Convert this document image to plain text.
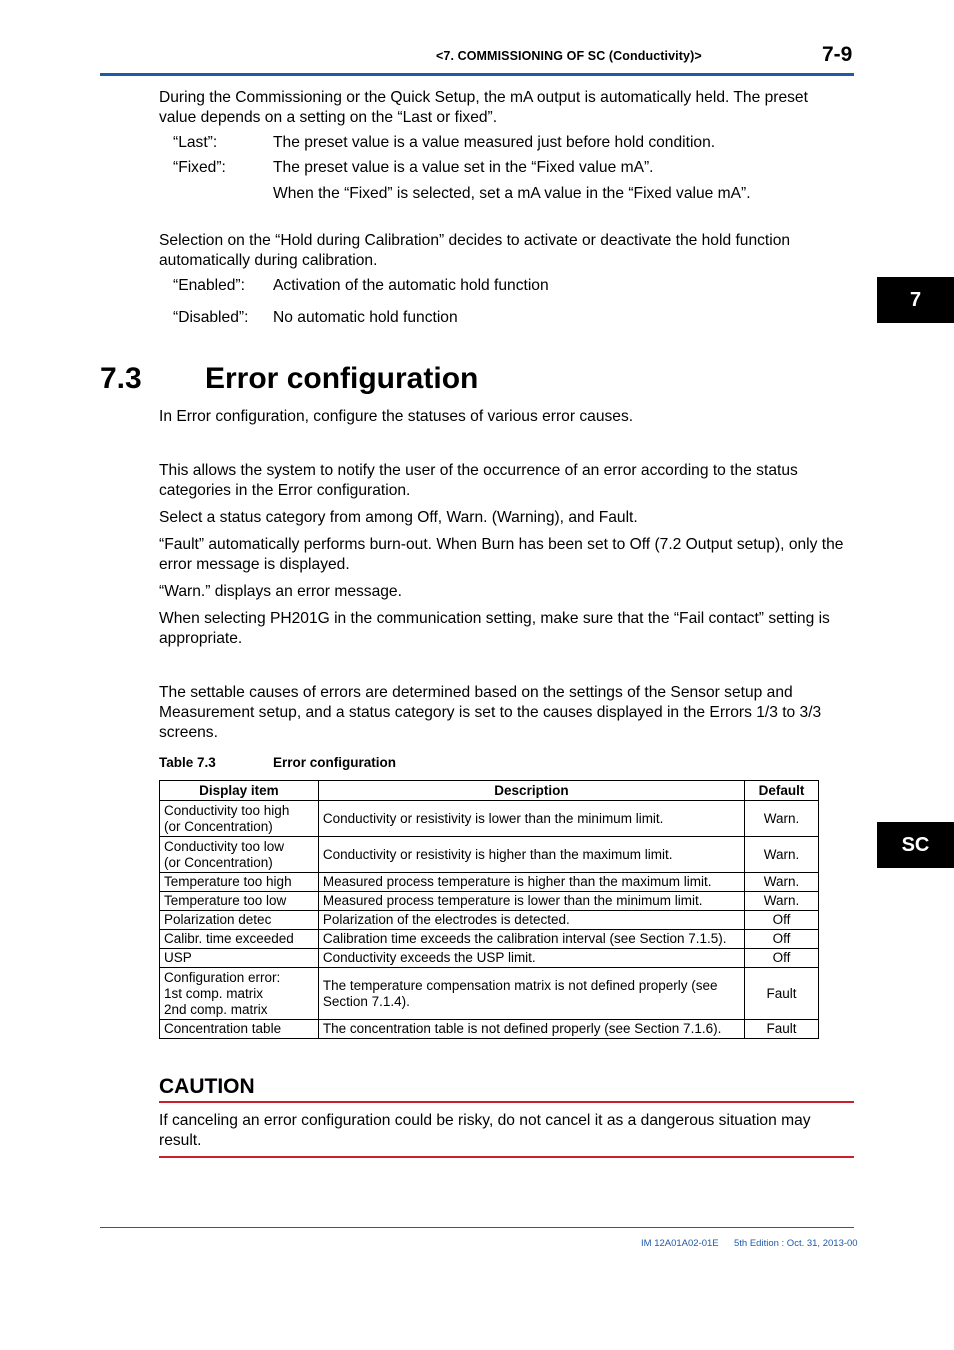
<7. COMMISSIONING OF SC (Conductivity)>	7-9
7
SC
During the Commissioning or the Quick Setup, the mA output is automatically held. The preset value depends on a setting on the “Last or fixed”.
“Last”:	The preset value is a value measured just before hold condition.
“Fixed”:	The preset value is a value set in the “Fixed value mA”.
When the “Fixed” is selected, set a mA value in the “Fixed value mA”.
Selection on the “Hold during Calibration” decides to activate or deactivate the hold function automatically during calibration.
“Enabled”: Activation of the automatic hold function
“Disabled”: No automatic hold function
7.3 Error configuration
In Error configuration, configure the statuses of various error causes.
This allows the system to notify the user of the occurrence of an error according to the status categories in the Error configuration.
Select a status category from among Off, Warn. (Warning), and Fault.
“Fault” automatically performs burn-out. When Burn has been set to Off (7.2 Output setup), only the error message is displayed.
“Warn.” displays an error message.
When selecting PH201G in the communication setting, make sure that the “Fail contact” setting is appropriate.
The settable causes of errors are determined based on the settings of the Sensor setup and Measurement setup, and a status category is set to the causes displayed in the Errors 1/3 to 3/3 screens.
Table 7.3	Error configuration
Display item	Description	Default
Conductivity too high
(or Concentration)	Conductivity or resistivity is lower than the minimum limit.	Warn.
Conductivity too low
(or Concentration)	Conductivity or resistivity is higher than the maximum limit.	Warn.
Temperature too high	Measured process temperature is higher than the maximum limit.	Warn.
Temperature too low	Measured process temperature is lower than the minimum limit.	Warn.
Polarization detec	Polarization of the electrodes is detected.	Off
Calibr. time exceeded	Calibration time exceeds the calibration interval (see Section 7.1.5).	Off
USP	Conductivity exceeds the USP limit.	Off
Configuration error:
1st comp. matrix
2nd comp. matrix	The temperature compensation matrix is not defined properly (see Section 7.1.4).	Fault
Concentration table	The concentration table is not defined properly (see Section 7.1.6).	Fault
CAUTION
If canceling an error configuration could be risky, do not cancel it as a dangerous situation may result.
IM 12A01A02-01E 5th Edition : Oct. 31, 2013-00
